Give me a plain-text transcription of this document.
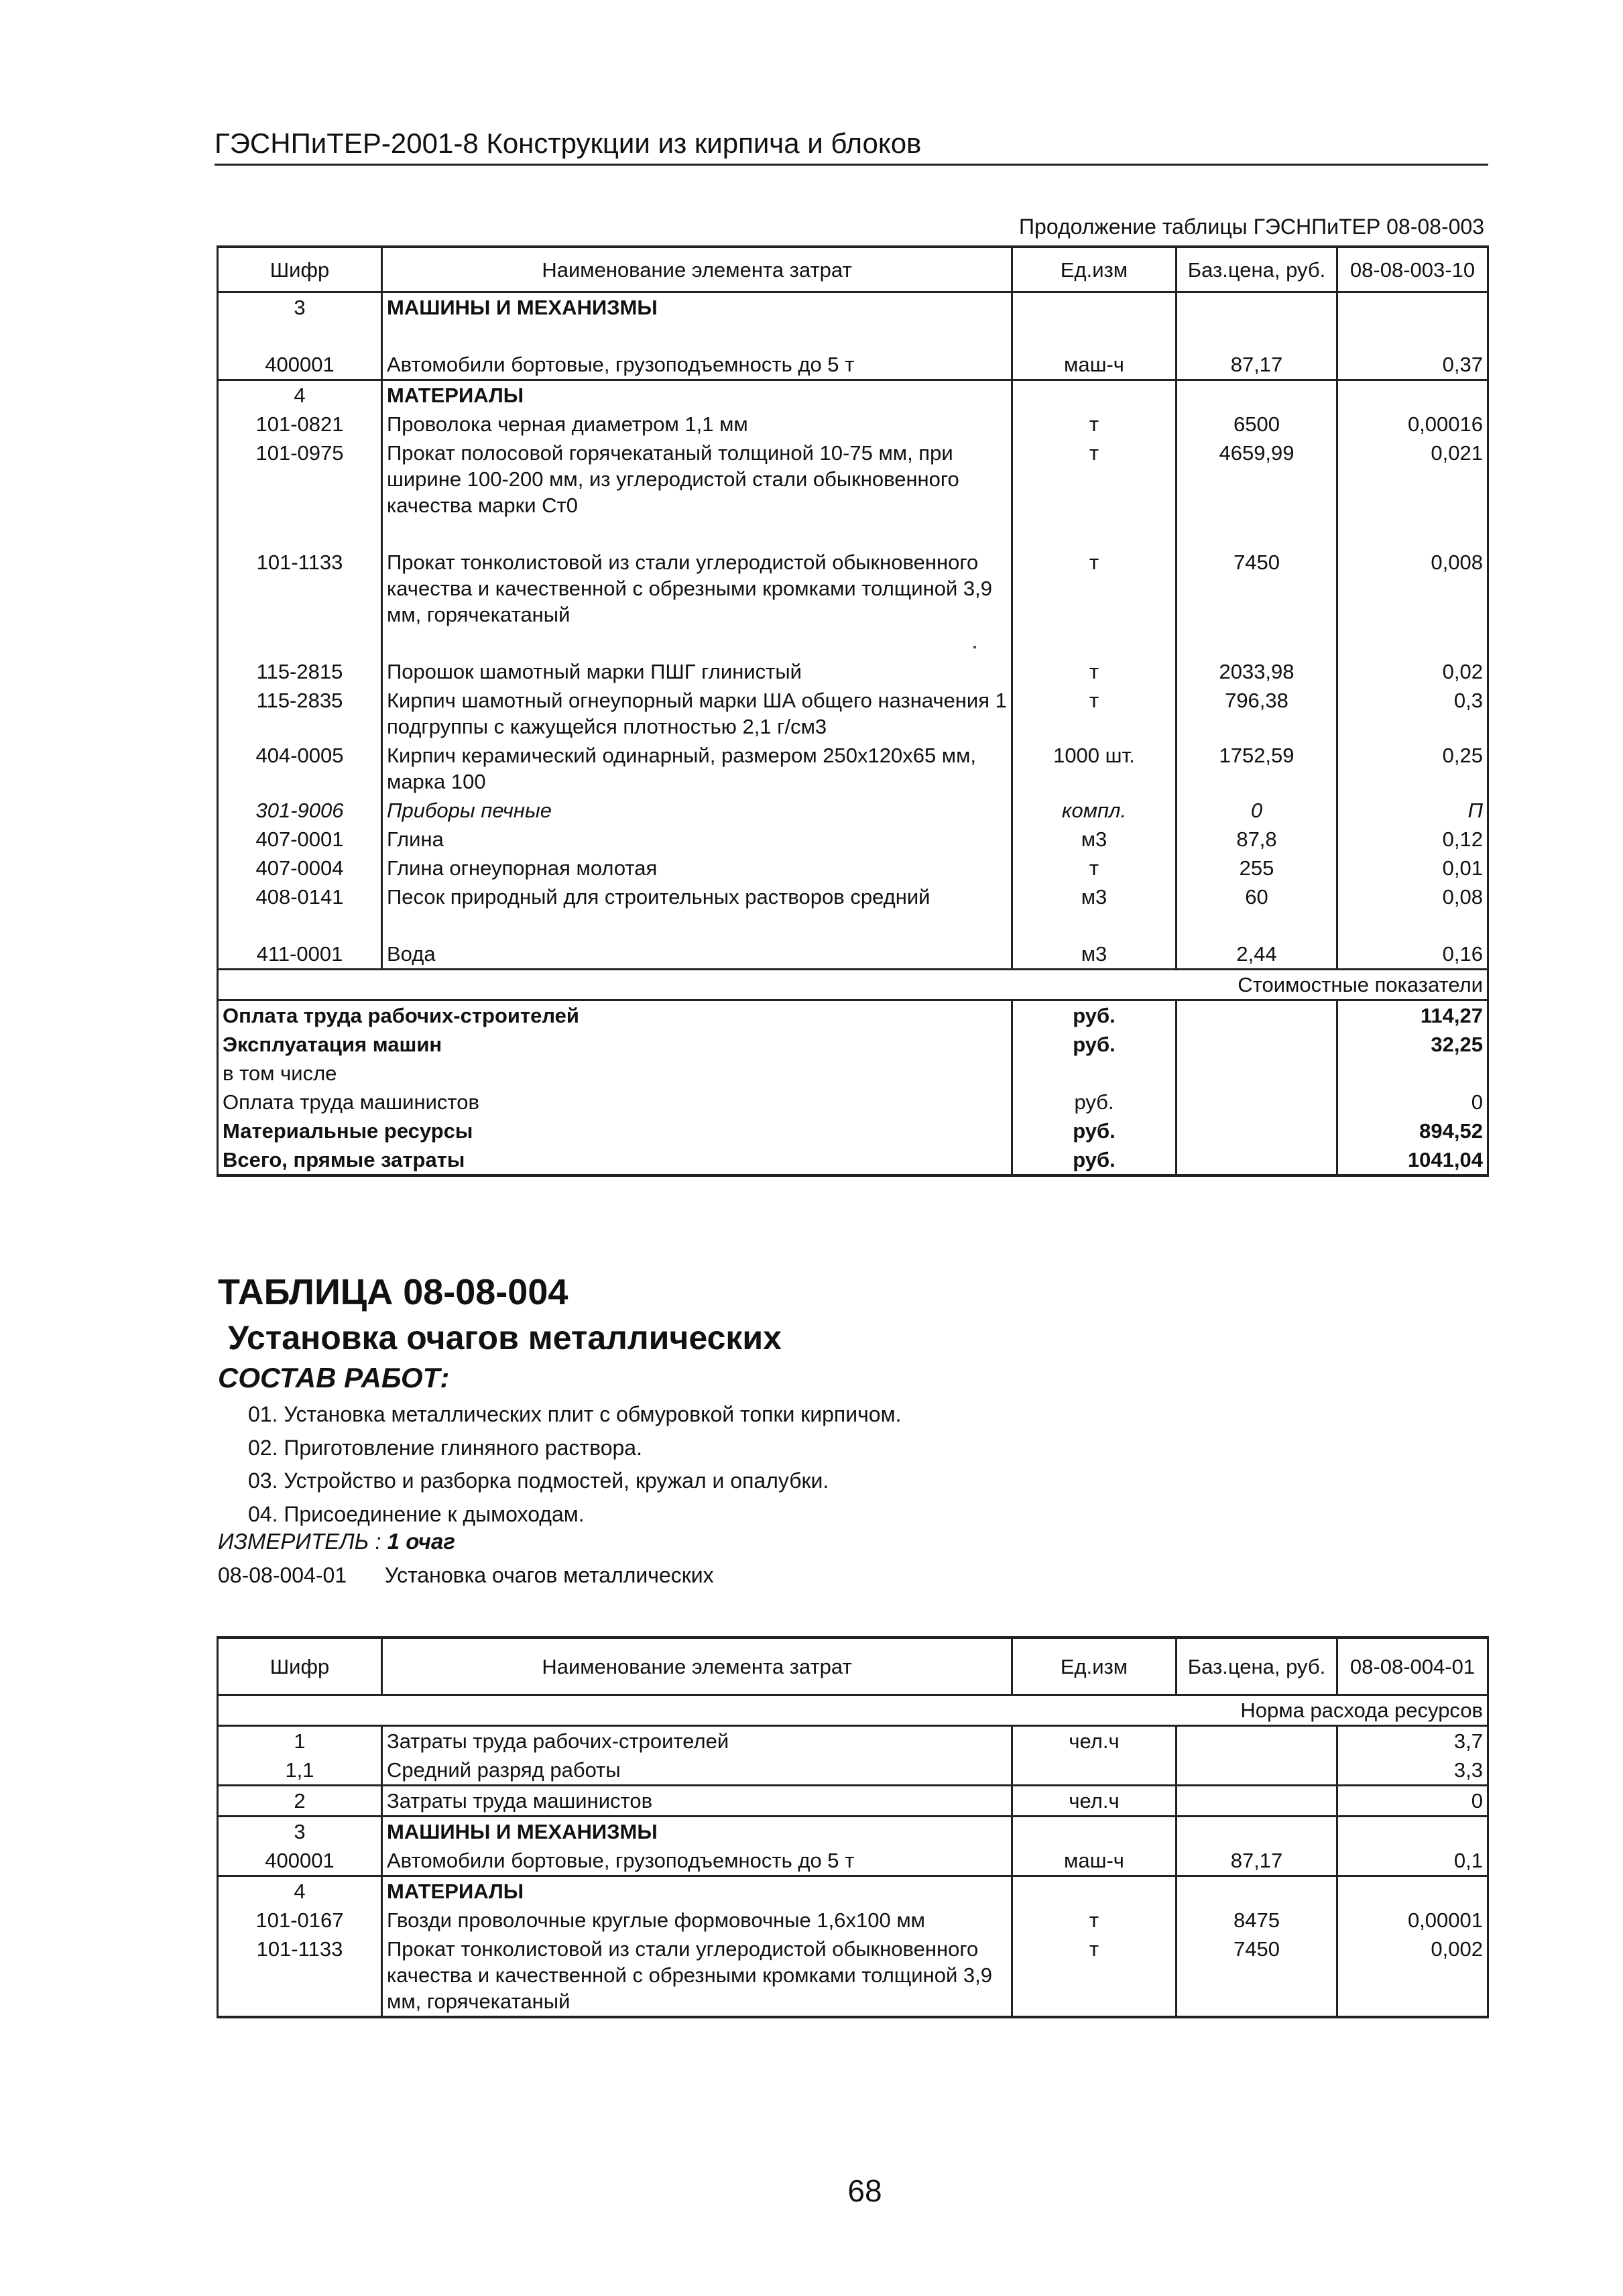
ГЭСНПиТЕР-2001-8 Конструкции из кирпича и блоков
Продолжение таблицы ГЭСНПиТЕР 08-08-003
Шифр	Наименование элемента затрат	Ед.изм	Баз.цена, руб.	08-08-003-10
3	МАШИНЫ И МЕХАНИЗМЫ			

400001	Автомобили бортовые, грузоподъемность до 5 т	маш-ч	87,17	0,37
4	МАТЕРИАЛЫ			
101-0821	Проволока черная диаметром 1,1 мм	т	6500	0,00016
101-0975	Прокат полосовой горячекатаный толщиной 10-75 мм, при ширине 100-200 мм, из углеродистой стали обыкновенного качества марки Ст0	т	4659,99	0,021

101-1133	Прокат тонколистовой из стали углеродистой обыкновенного качества и качественной с обрезными кромками толщиной 3,9 мм, горячекатаный	т	7450	0,008

115-2815	Порошок шамотный марки ПШГ глинистый	т	2033,98	0,02
115-2835	Кирпич шамотный огнеупорный марки ША общего назначения 1 подгруппы с кажущейся плотностью 2,1 г/см3	т	796,38	0,3
404-0005	Кирпич керамический одинарный, размером 250х120х65 мм, марка 100	1000 шт.	1752,59	0,25
301-9006	Приборы печные	компл.	0	П
407-0001	Глина	м3	87,8	0,12
407-0004	Глина огнеупорная молотая	т	255	0,01
408-0141	Песок природный для строительных растворов средний	м3	60	0,08

411-0001	Вода	м3	2,44	0,16
Стоимостные показатели				
Оплата труда рабочих-строителей		руб.		114,27
Эксплуатация машин		руб.		32,25
в том числе				
Оплата труда машинистов		руб.		0
Материальные ресурсы		руб.		894,52
Всего, прямые затраты		руб.		1041,04
ТАБЛИЦА 08-08-004
Установка очагов металлических
СОСТАВ РАБОТ:
01. Установка металлических плит с обмуровкой топки кирпичом.
02. Приготовление глиняного раствора.
03. Устройство и разборка подмостей, кружал и опалубки.
04. Присоединение к дымоходам.
ИЗМЕРИТЕЛЬ : 1 очаг
08-08-004-01 Установка очагов металлических
Шифр	Наименование элемента затрат	Ед.изм	Баз.цена, руб.	08-08-004-01
Норма расхода ресурсов				
1	Затраты труда рабочих-строителей	чел.ч		3,7
1,1	Средний разряд работы			3,3
2	Затраты труда машинистов	чел.ч		0
3	МАШИНЫ И МЕХАНИЗМЫ			
400001	Автомобили бортовые, грузоподъемность до 5 т	маш-ч	87,17	0,1
4	МАТЕРИАЛЫ			
101-0167	Гвозди проволочные круглые формовочные 1,6х100 мм	т	8475	0,00001
101-1133	Прокат тонколистовой из стали углеродистой обыкновенного качества и качественной с обрезными кромками толщиной 3,9 мм, горячекатаный	т	7450	0,002
68
